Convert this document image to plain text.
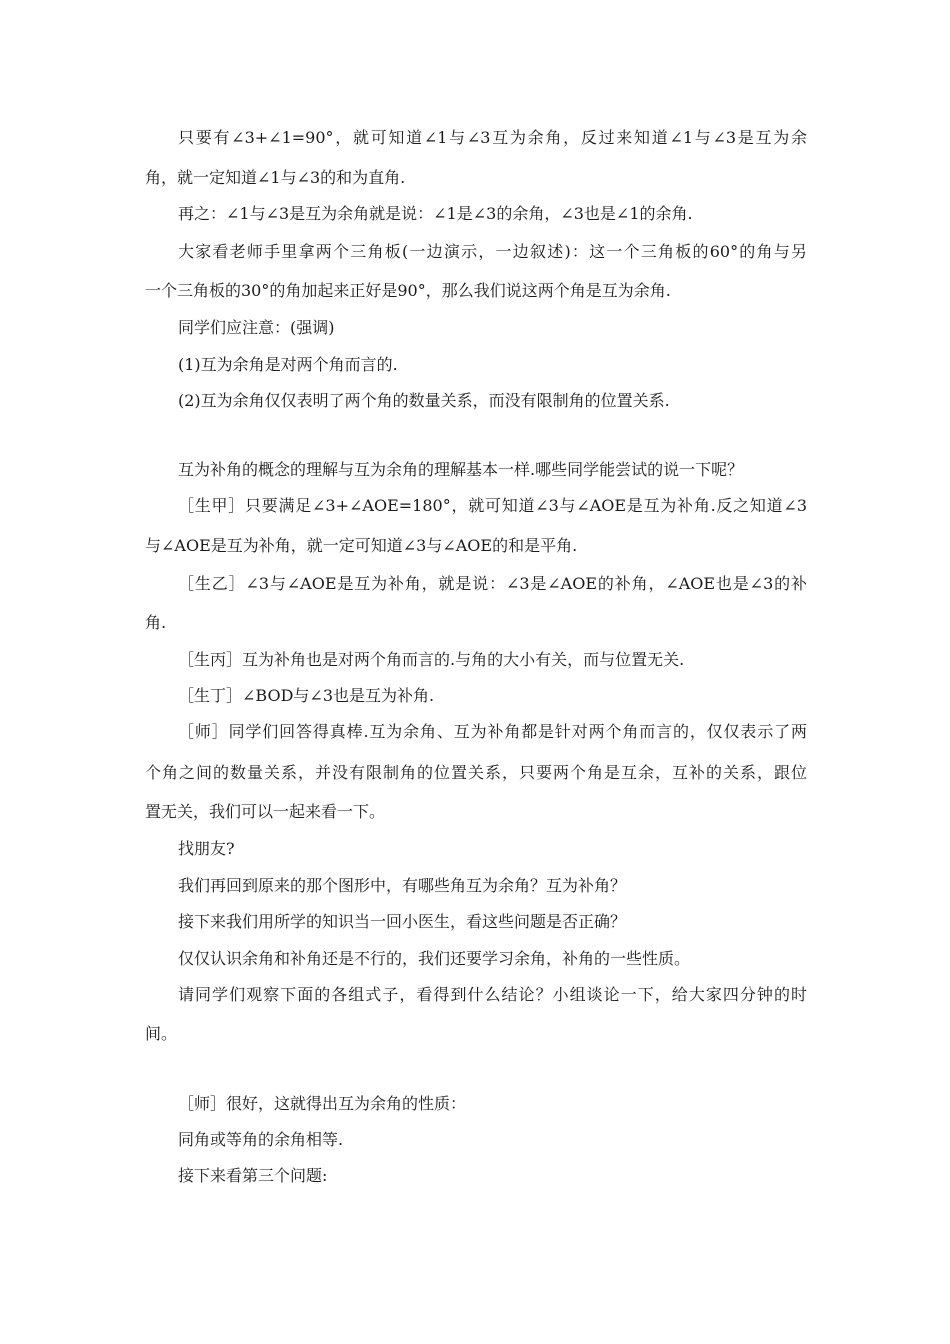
只要有∠3+∠1=90°，就可知道∠1与∠3互为余角，反过来知道∠1与∠3是互为余
角，就一定知道∠1与∠3的和为直角.
再之：∠1与∠3是互为余角就是说：∠1是∠3的余角，∠3也是∠1的余角.
大家看老师手里拿两个三角板(一边演示，一边叙述)：这一个三角板的60°的角与另
一个三角板的30°的角加起来正好是90°，那么我们说这两个角是互为余角.
同学们应注意：(强调)
(1)互为余角是对两个角而言的.
(2)互为余角仅仅表明了两个角的数量关系，而没有限制角的位置关系.
互为补角的概念的理解与互为余角的理解基本一样.哪些同学能尝试的说一下呢？
［生甲］只要满足∠3+∠AOE=180°，就可知道∠3与∠AOE是互为补角.反之知道∠3
与∠AOE是互为补角，就一定可知道∠3与∠AOE的和是平角.
［生乙］∠3与∠AOE是互为补角，就是说：∠3是∠AOE的补角，∠AOE也是∠3的补
角.
［生丙］互为补角也是对两个角而言的.与角的大小有关，而与位置无关.
［生丁］∠BOD与∠3也是互为补角.
［师］同学们回答得真棒.互为余角、互为补角都是针对两个角而言的，仅仅表示了两
个角之间的数量关系，并没有限制角的位置关系，只要两个角是互余，互补的关系，跟位
置无关，我们可以一起来看一下。
找朋友?
我们再回到原来的那个图形中，有哪些角互为余角？互为补角？
接下来我们用所学的知识当一回小医生，看这些问题是否正确？
仅仅认识余角和补角还是不行的，我们还要学习余角，补角的一些性质。
请同学们观察下面的各组式子，看得到什么结论？小组谈论一下，给大家四分钟的时
间。
［师］很好，这就得出互为余角的性质：
同角或等角的余角相等.
接下来看第三个问题:
